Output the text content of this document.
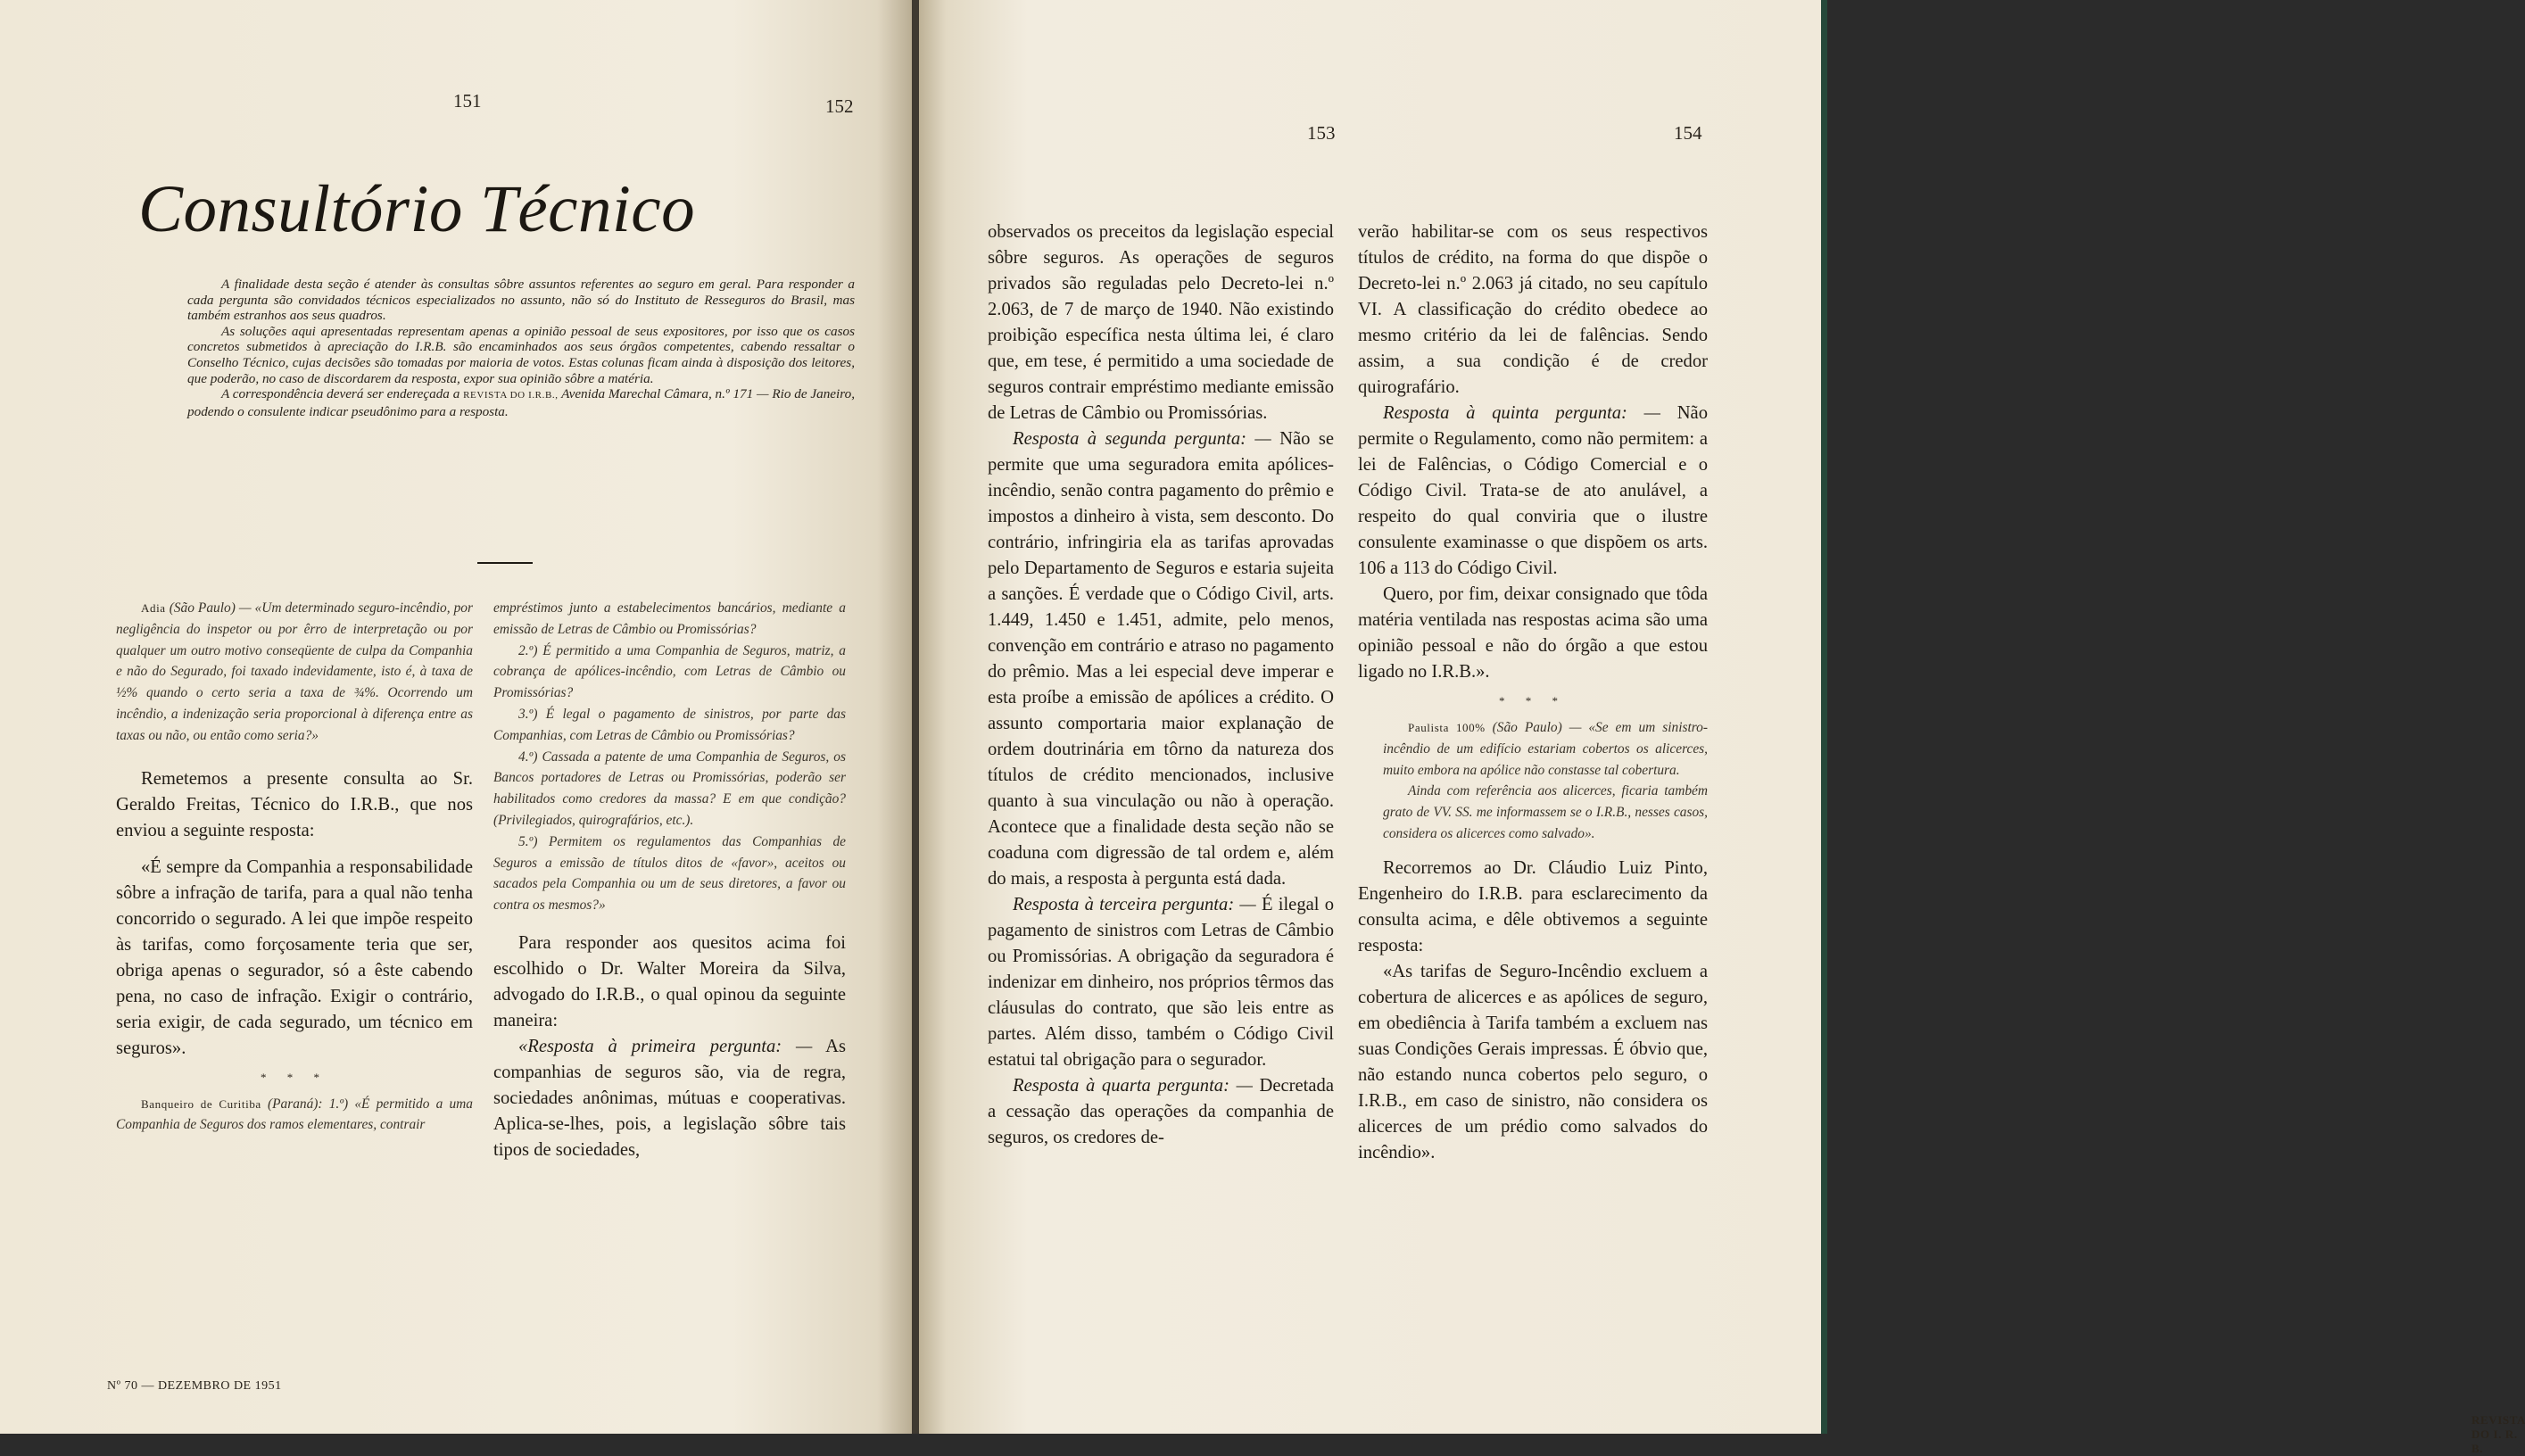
151	152
Consultório Técnico

A finalidade desta seção é atender às consultas sôbre assuntos referentes ao seguro em geral. Para responder a cada pergunta são convidados técnicos especializados no assunto, não só do Instituto de Resseguros do Brasil, mas também estranhos aos seus quadros.

As soluções aqui apresentadas representam apenas a opinião pessoal de seus expositores, por isso que os casos concretos submetidos à apreciação do I.R.B. são encaminhados aos seus órgãos competentes, cabendo ressaltar o Conselho Técnico, cujas decisões são tomadas por maioria de votos. Estas colunas ficam ainda à disposição dos leitores, que poderão, no caso de discordarem da resposta, expor sua opinião sôbre a matéria.

A correspondência deverá ser endereçada a REVISTA DO I.R.B., Avenida Marechal Câmara, n.º 171 — Rio de Janeiro, podendo o consulente indicar pseudônimo para a resposta.

Adia (São Paulo) — «Um determinado seguro-incêndio, por negligência do inspetor ou por êrro de interpretação ou por qualquer um outro motivo conseqüente de culpa da Companhia e não do Segurado, foi taxado indevidamente, isto é, à taxa de ½% quando o certo seria a taxa de ¾%. Ocorrendo um incêndio, a indenização seria proporcional à diferença entre as taxas ou não, ou então como seria?»

Remetemos a presente consulta ao Sr. Geraldo Freitas, Técnico do I.R.B., que nos enviou a seguinte resposta:

«É sempre da Companhia a responsabilidade sôbre a infração de tarifa, para a qual não tenha concorrido o segurado. A lei que impõe respeito às tarifas, como forçosamente teria que ser, obriga apenas o segurador, só a êste cabendo pena, no caso de infração. Exigir o contrário, seria exigir, de cada segurado, um técnico em seguros».

* * *

Banqueiro de Curitiba (Paraná): 1.º) «É permitido a uma Companhia de Seguros dos ramos elementares, contrair

empréstimos junto a estabelecimentos bancários, mediante a emissão de Letras de Câmbio ou Promissórias?

2.º) É permitido a uma Companhia de Seguros, matriz, a cobrança de apólices-incêndio, com Letras de Câmbio ou Promissórias?

3.º) É legal o pagamento de sinistros, por parte das Companhias, com Letras de Câmbio ou Promissórias?

4.º) Cassada a patente de uma Companhia de Seguros, os Bancos portadores de Letras ou Promissórias, poderão ser habilitados como credores da massa? E em que condição? (Privilegiados, quirografários, etc.).

5.º) Permitem os regulamentos das Companhias de Seguros a emissão de títulos ditos de «favor», aceitos ou sacados pela Companhia ou um de seus diretores, a favor ou contra os mesmos?»

Para responder aos quesitos acima foi escolhido o Dr. Walter Moreira da Silva, advogado do I.R.B., o qual opinou da seguinte maneira:

«Resposta à primeira pergunta: — As companhias de seguros são, via de regra, sociedades anônimas, mútuas e cooperativas. Aplica-se-lhes, pois, a legislação sôbre tais tipos de sociedades,

Nº 70 — DEZEMBRO DE 1951
153	154

observados os preceitos da legislação especial sôbre seguros. As operações de seguros privados são reguladas pelo Decreto-lei n.º 2.063, de 7 de março de 1940. Não existindo proibição específica nesta última lei, é claro que, em tese, é permitido a uma sociedade de seguros contrair empréstimo mediante emissão de Letras de Câmbio ou Promissórias.

Resposta à segunda pergunta: — Não se permite que uma seguradora emita apólices-incêndio, senão contra pagamento do prêmio e impostos a dinheiro à vista, sem desconto. Do contrário, infringiria ela as tarifas aprovadas pelo Departamento de Seguros e estaria sujeita a sanções. É verdade que o Código Civil, arts. 1.449, 1.450 e 1.451, admite, pelo menos, convenção em contrário e atraso no pagamento do prêmio. Mas a lei especial deve imperar e esta proíbe a emissão de apólices a crédito. O assunto comportaria maior explanação de ordem doutrinária em tôrno da natureza dos títulos de crédito mencionados, inclusive quanto à sua vinculação ou não à operação. Acontece que a finalidade desta seção não se coaduna com digressão de tal ordem e, além do mais, a resposta à pergunta está dada.

Resposta à terceira pergunta: — É ilegal o pagamento de sinistros com Letras de Câmbio ou Promissórias. A obrigação da seguradora é indenizar em dinheiro, nos próprios têrmos das cláusulas do contrato, que são leis entre as partes. Além disso, também o Código Civil estatui tal obrigação para o segurador.

Resposta à quarta pergunta: — Decretada a cessação das operações da companhia de seguros, os credores de-

verão habilitar-se com os seus respectivos títulos de crédito, na forma do que dispõe o Decreto-lei n.º 2.063 já citado, no seu capítulo VI. A classificação do crédito obedece ao mesmo critério da lei de falências. Sendo assim, a sua condição é de credor quirografário.

Resposta à quinta pergunta: — Não permite o Regulamento, como não permitem: a lei de Falências, o Código Comercial e o Código Civil. Trata-se de ato anulável, a respeito do qual conviria que o ilustre consulente examinasse o que dispõem os arts. 106 a 113 do Código Civil.

Quero, por fim, deixar consignado que tôda matéria ventilada nas respostas acima são uma opinião pessoal e não do órgão a que estou ligado no I.R.B.».

* * *

Paulista 100% (São Paulo) — «Se em um sinistro-incêndio de um edifício estariam cobertos os alicerces, muito embora na apólice não constasse tal cobertura.

Ainda com referência aos alicerces, ficaria também grato de VV. SS. me informassem se o I.R.B., nesses casos, considera os alicerces como salvado».

Recorremos ao Dr. Cláudio Luiz Pinto, Engenheiro do I.R.B. para esclarecimento da consulta acima, e dêle obtivemos a seguinte resposta:

«As tarifas de Seguro-Incêndio excluem a cobertura de alicerces e as apólices de seguro, em obediência à Tarifa também a excluem nas suas Condições Gerais impressas. É óbvio que, não estando nunca cobertos pelo seguro, o I.R.B., em caso de sinistro, não considera os alicerces de um prédio como salvados do incêndio».

REVISTA DO I. R. B.
